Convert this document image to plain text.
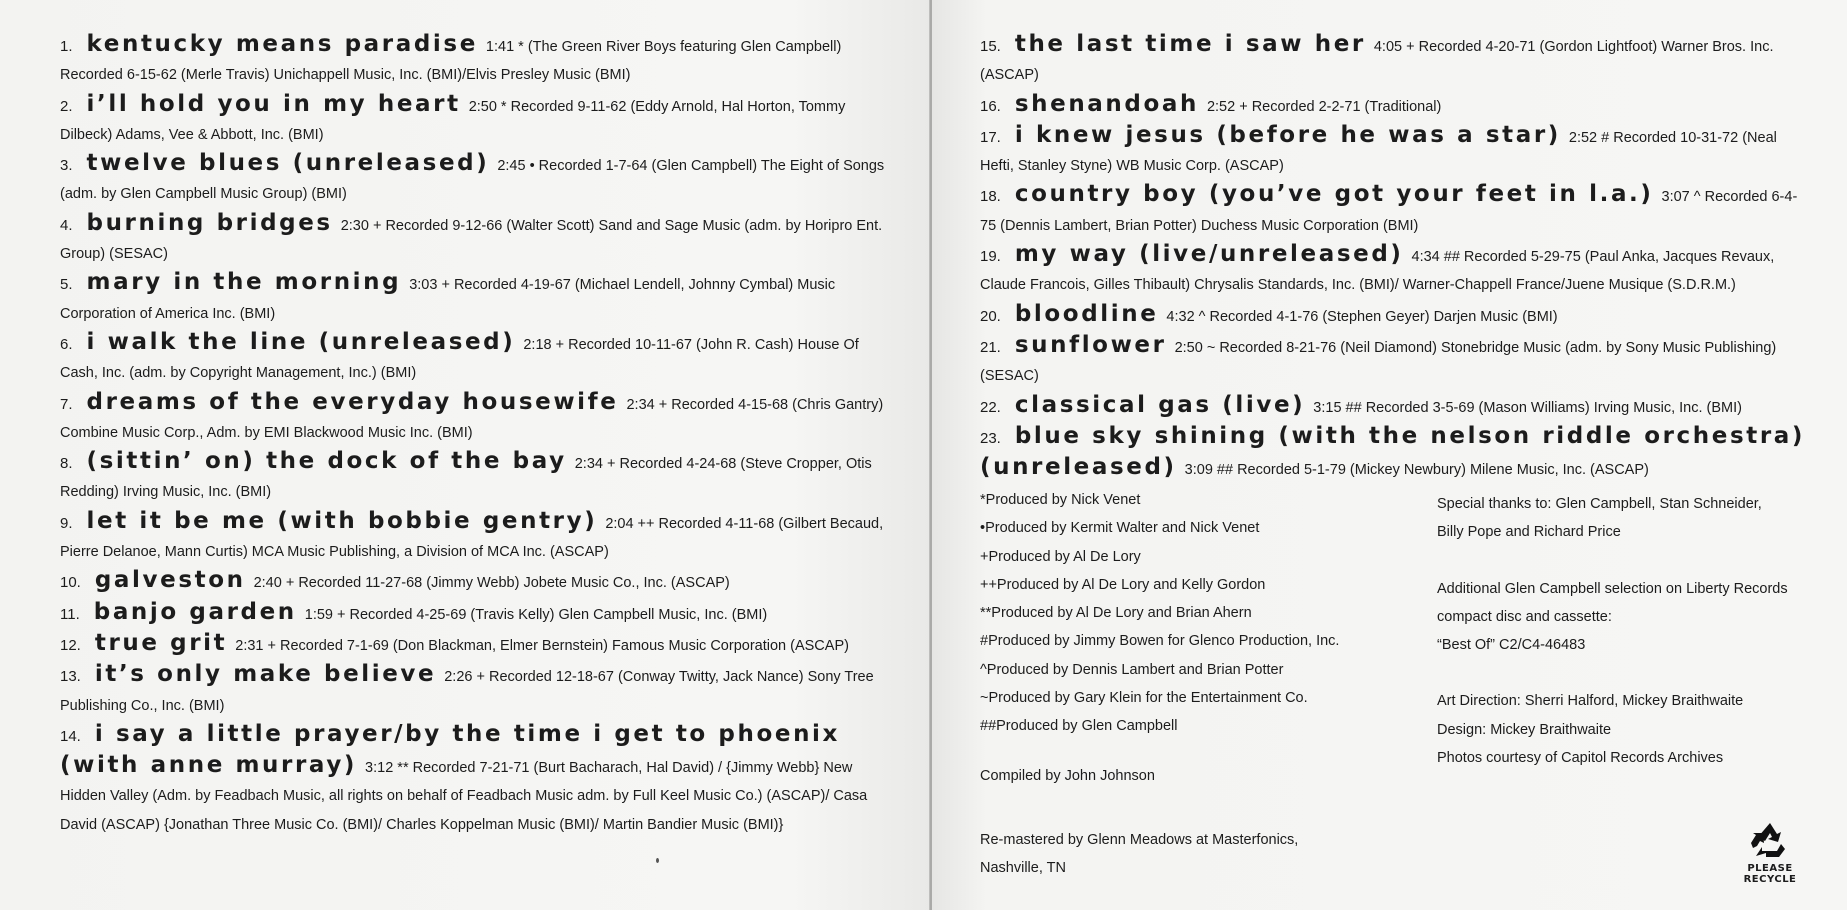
1. kentucky means paradise 1:41 * (The Green River Boys featuring Glen Campbell) Recorded 6-15-62 (Merle Travis) Unichappell Music, Inc. (BMI)/Elvis Presley Music (BMI)

2. i’ll hold you in my heart 2:50 * Recorded 9-11-62 (Eddy Arnold, Hal Horton, Tommy Dilbeck) Adams, Vee & Abbott, Inc. (BMI)

3. twelve blues (unreleased) 2:45 • Recorded 1-7-64 (Glen Campbell) The Eight of Songs (adm. by Glen Campbell Music Group) (BMI)

4. burning bridges 2:30 + Recorded 9-12-66 (Walter Scott) Sand and Sage Music (adm. by Horipro Ent. Group) (SESAC)

5. mary in the morning 3:03 + Recorded 4-19-67 (Michael Lendell, Johnny Cymbal) Music Corporation of America Inc. (BMI)

6. i walk the line (unreleased) 2:18 + Recorded 10-11-67 (John R. Cash) House Of Cash, Inc. (adm. by Copyright Management, Inc.) (BMI)

7. dreams of the everyday housewife 2:34 + Recorded 4-15-68 (Chris Gantry) Combine Music Corp., Adm. by EMI Blackwood Music Inc. (BMI)

8. (sittin’ on) the dock of the bay 2:34 + Recorded 4-24-68 (Steve Cropper, Otis Redding) Irving Music, Inc. (BMI)

9. let it be me (with bobbie gentry) 2:04 ++ Recorded 4-11-68 (Gilbert Becaud, Pierre Delanoe, Mann Curtis) MCA Music Publishing, a Division of MCA Inc. (ASCAP)

10. galveston 2:40 + Recorded 11-27-68 (Jimmy Webb) Jobete Music Co., Inc. (ASCAP)

11. banjo garden 1:59 + Recorded 4-25-69 (Travis Kelly) Glen Campbell Music, Inc. (BMI)

12. true grit 2:31 + Recorded 7-1-69 (Don Blackman, Elmer Bernstein) Famous Music Corporation (ASCAP)

13. it’s only make believe 2:26 + Recorded 12-18-67 (Conway Twitty, Jack Nance) Sony Tree Publishing Co., Inc. (BMI)

14. i say a little prayer/by the time i get to phoenix (with anne murray) 3:12 ** Recorded 7-21-71 (Burt Bacharach, Hal David) / {Jimmy Webb} New Hidden Valley (Adm. by Feadbach Music, all rights on behalf of Feadbach Music adm. by Full Keel Music Co.) (ASCAP)/ Casa David (ASCAP) {Jonathan Three Music Co. (BMI)/ Charles Koppelman Music (BMI)/ Martin Bandier Music (BMI)}

15. the last time i saw her 4:05 + Recorded 4-20-71 (Gordon Lightfoot) Warner Bros. Inc. (ASCAP)

16. shenandoah 2:52 + Recorded 2-2-71 (Traditional)

17. i knew jesus (before he was a star) 2:52 # Recorded 10-31-72 (Neal Hefti, Stanley Styne) WB Music Corp. (ASCAP)

18. country boy (you’ve got your feet in l.a.) 3:07 ^ Recorded 6-4-75 (Dennis Lambert, Brian Potter) Duchess Music Corporation (BMI)

19. my way (live/unreleased) 4:34 ## Recorded 5-29-75 (Paul Anka, Jacques Revaux, Claude Francois, Gilles Thibault) Chrysalis Standards, Inc. (BMI)/ Warner-Chappell France/Juene Musique (S.D.R.M.)

20. bloodline 4:32 ^ Recorded 4-1-76 (Stephen Geyer) Darjen Music (BMI)

21. sunflower 2:50 ~ Recorded 8-21-76 (Neil Diamond) Stonebridge Music (adm. by Sony Music Publishing) (SESAC)

22. classical gas (live) 3:15 ## Recorded 3-5-69 (Mason Williams) Irving Music, Inc. (BMI)

23. blue sky shining (with the nelson riddle orchestra) (unreleased) 3:09 ## Recorded 5-1-79 (Mickey Newbury) Milene Music, Inc. (ASCAP)

*Produced by Nick Venet
•Produced by Kermit Walter and Nick Venet
+Produced by Al De Lory
++Produced by Al De Lory and Kelly Gordon
**Produced by Al De Lory and Brian Ahern
#Produced by Jimmy Bowen for Glenco Production, Inc.
^Produced by Dennis Lambert and Brian Potter
~Produced by Gary Klein for the Entertainment Co.
##Produced by Glen Campbell
Compiled by John Johnson
Re-mastered by Glenn Meadows at Masterfonics,
Nashville, TN
Special thanks to: Glen Campbell, Stan Schneider,
Billy Pope and Richard Price
Additional Glen Campbell selection on Liberty Records
compact disc and cassette:
“Best Of” C2/C4-46483
Art Direction: Sherri Halford, Mickey Braithwaite
Design: Mickey Braithwaite
Photos courtesy of Capitol Records Archives
PLEASE
RECYCLE
